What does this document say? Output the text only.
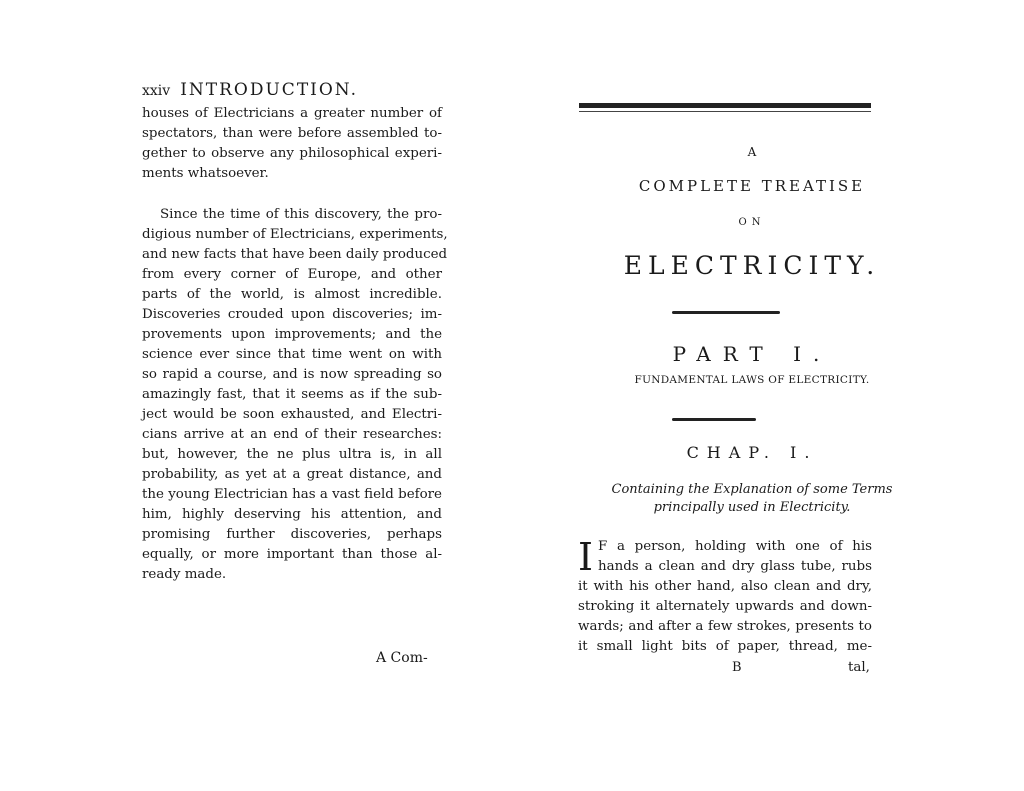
xxiv INTRODUCTION.
houses of Electricians a greater number of
spectators, than were before assembled to-
gether to observe any philosophical experi-
ments whatsoever.
Since the time of this discovery, the pro-
digious number of Electricians, experiments,
and new facts that have been daily produced
from every corner of Europe, and other
parts of the world, is almost incredible.
Discoveries crouded upon discoveries; im-
provements upon improvements; and the
science ever since that time went on with
so rapid a course, and is now spreading so
amazingly fast, that it seems as if the sub-
ject would be soon exhausted, and Electri-
cians arrive at an end of their researches:
but, however, the ne plus ultra is, in all
probability, as yet at a great distance, and
the young Electrician has a vast field before
him, highly deserving his attention, and
promising further discoveries, perhaps
equally, or more important than those al-
ready made.
A Com-
A
COMPLETE TREATISE
ON
ELECTRICITY.
PART I.
FUNDAMENTAL LAWS OF ELECTRICITY.
CHAP. I.
Containing the Explanation of some Terms
principally used in Electricity.
I F a person, holding with one of his
hands a clean and dry glass tube, rubs
it with his other hand, also clean and dry,
stroking it alternately upwards and down-
wards; and after a few strokes, presents to
it small light bits of paper, thread, me-
B	tal,
